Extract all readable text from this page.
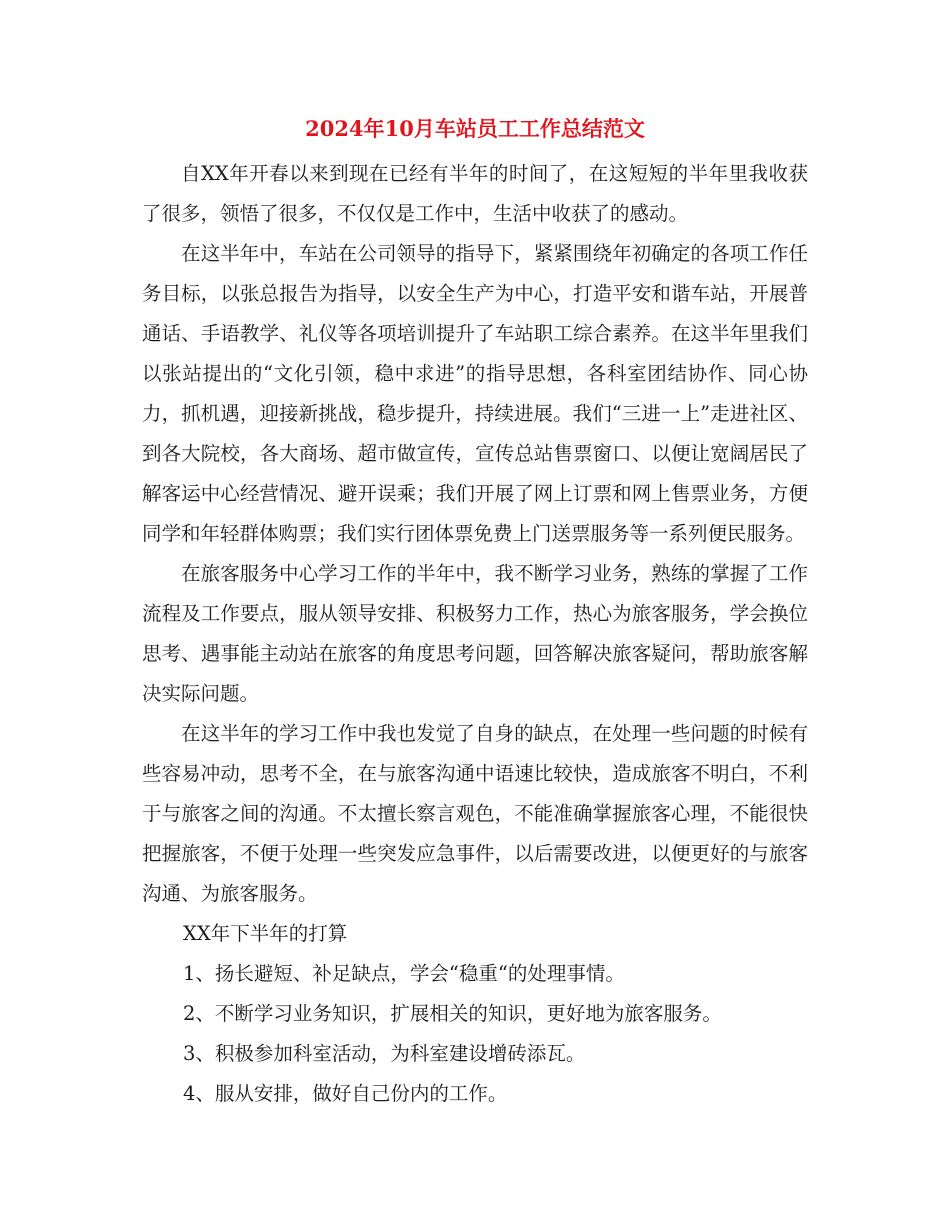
2024年10月车站员工工作总结范文

自XX年开春以来到现在已经有半年的时间了，在这短短的半年里我收获了很多，领悟了很多，不仅仅是工作中，生活中收获了的感动。

在这半年中，车站在公司领导的指导下，紧紧围绕年初确定的各项工作任务目标，以张总报告为指导，以安全生产为中心，打造平安和谐车站，开展普通话、手语教学、礼仪等各项培训提升了车站职工综合素养。在这半年里我们以张站提出的“文化引领，稳中求进”的指导思想，各科室团结协作、同心协力，抓机遇，迎接新挑战，稳步提升，持续进展。我们“三进一上”走进社区、到各大院校，各大商场、超市做宣传，宣传总站售票窗口、以便让宽阔居民了解客运中心经营情况、避开误乘；我们开展了网上订票和网上售票业务，方便同学和年轻群体购票；我们实行团体票免费上门送票服务等一系列便民服务。

在旅客服务中心学习工作的半年中，我不断学习业务，熟练的掌握了工作流程及工作要点，服从领导安排、积极努力工作，热心为旅客服务，学会换位思考、遇事能主动站在旅客的角度思考问题，回答解决旅客疑问，帮助旅客解决实际问题。

在这半年的学习工作中我也发觉了自身的缺点，在处理一些问题的时候有些容易冲动，思考不全，在与旅客沟通中语速比较快，造成旅客不明白，不利于与旅客之间的沟通。不太擅长察言观色，不能准确掌握旅客心理，不能很快把握旅客，不便于处理一些突发应急事件，以后需要改进，以便更好的与旅客沟通、为旅客服务。

XX年下半年的打算

1、扬长避短、补足缺点，学会“稳重“的处理事情。

2、不断学习业务知识，扩展相关的知识，更好地为旅客服务。

3、积极参加科室活动，为科室建设增砖添瓦。

4、服从安排，做好自己份内的工作。
